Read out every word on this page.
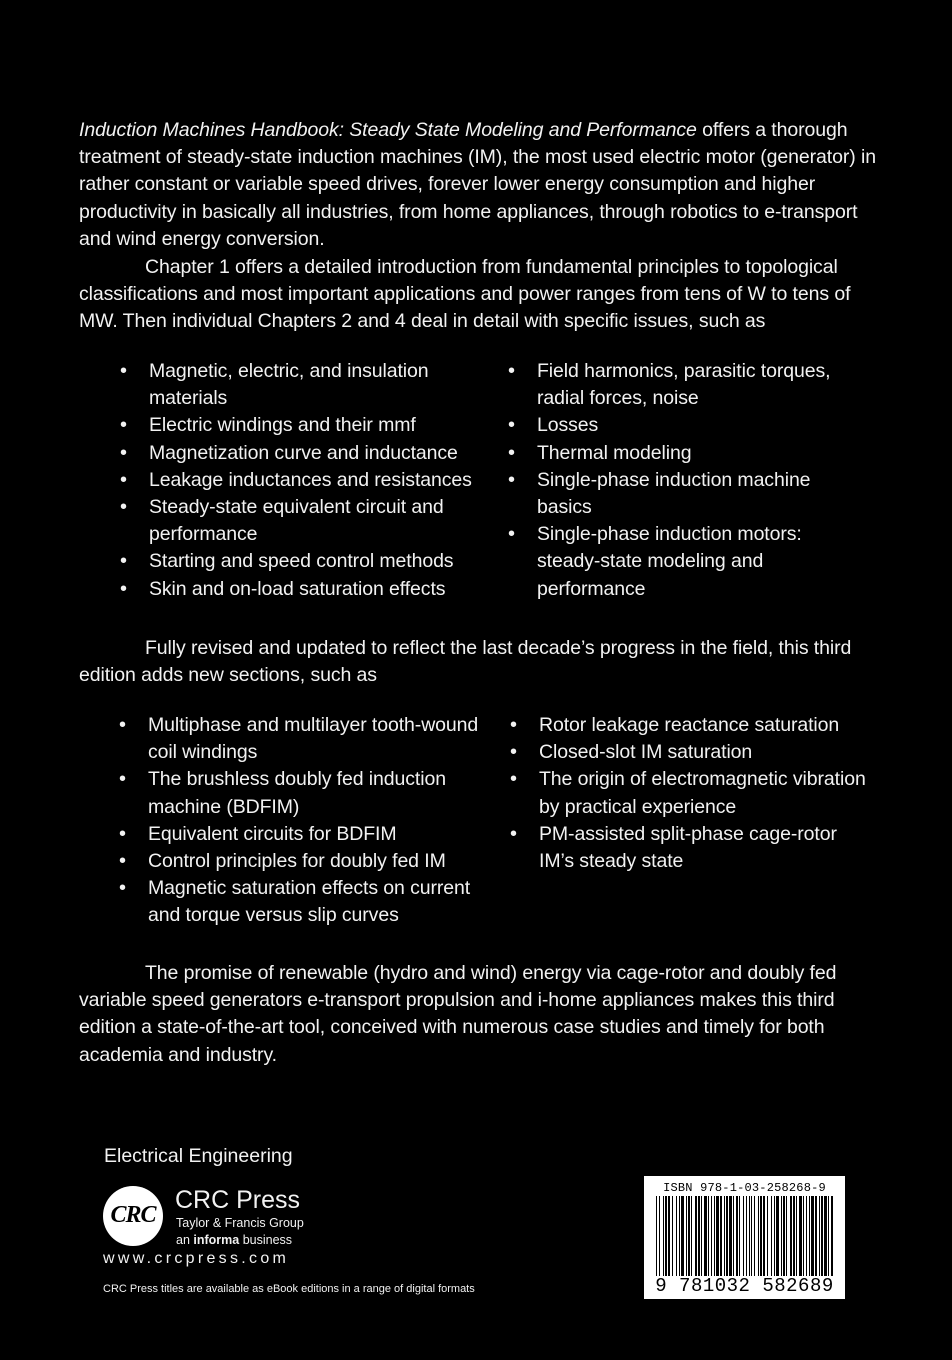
Induction Machines Handbook: Steady State Modeling and Performance offers a thorough treatment of steady-state induction machines (IM), the most used electric motor (generator) in rather constant or variable speed drives, forever lower energy consumption and higher productivity in basically all industries, from home appliances, through robotics to e-transport and wind energy conversion.
Chapter 1 offers a detailed introduction from fundamental principles to topological classifications and most important applications and power ranges from tens of W to tens of MW. Then individual Chapters 2 and 4 deal in detail with specific issues, such as
• Magnetic, electric, and insulation materials
• Electric windings and their mmf
• Magnetization curve and inductance
• Leakage inductances and resistances
• Steady-state equivalent circuit and performance
• Starting and speed control methods
• Skin and on-load saturation effects
• Field harmonics, parasitic torques, radial forces, noise
• Losses
• Thermal modeling
• Single-phase induction machine basics
• Single-phase induction motors: steady-state modeling and performance
Fully revised and updated to reflect the last decade’s progress in the field, this third edition adds new sections, such as
• Multiphase and multilayer tooth-wound coil windings
• The brushless doubly fed induction machine (BDFIM)
• Equivalent circuits for BDFIM
• Control principles for doubly fed IM
• Magnetic saturation effects on current and torque versus slip curves
• Rotor leakage reactance saturation
• Closed-slot IM saturation
• The origin of electromagnetic vibration by practical experience
• PM-assisted split-phase cage-rotor IM’s steady state
The promise of renewable (hydro and wind) energy via cage-rotor and doubly fed variable speed generators e-transport propulsion and i-home appliances makes this third edition a state-of-the-art tool, conceived with numerous case studies and timely for both academia and industry.
Electrical Engineering
CRC
CRC Press
Taylor & Francis Group
an informa business
www.crcpress.com
CRC Press titles are available as eBook editions in a range of digital formats
ISBN 978-1-03-258268-9
9 781032 582689
